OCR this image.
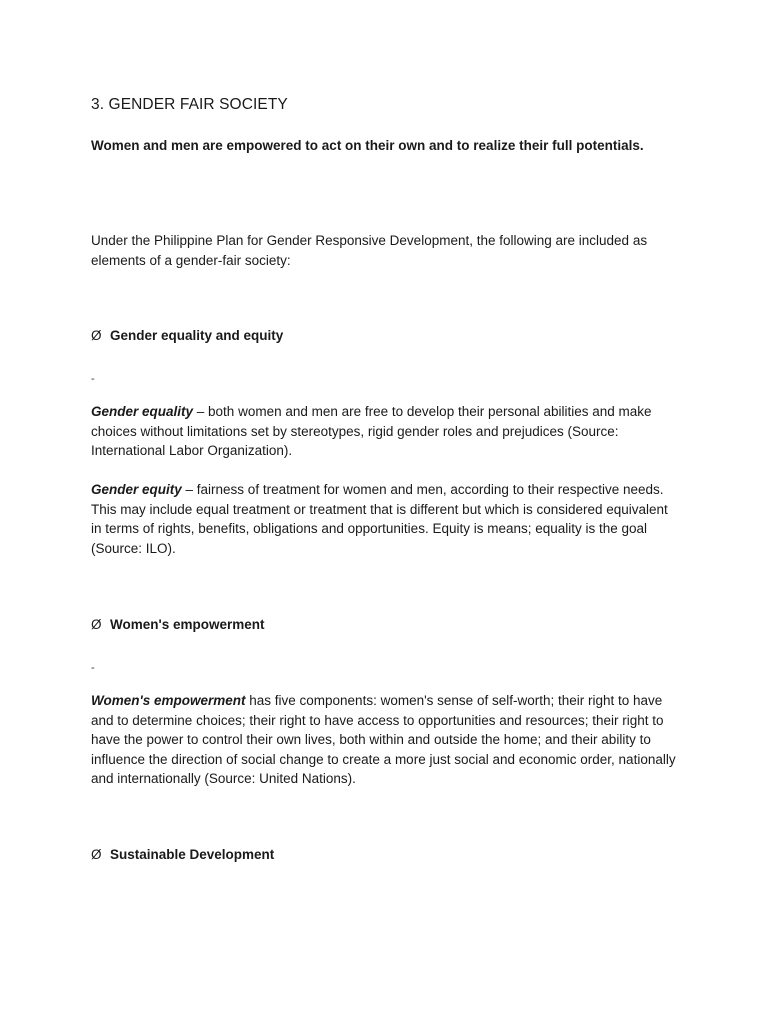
3. GENDER FAIR SOCIETY

Women and men are empowered to act on their own and to realize their full potentials.

Under the Philippine Plan for Gender Responsive Development, the following are included as elements of a gender-fair society:

Ø Gender equality and equity

-

Gender equality – both women and men are free to develop their personal abilities and make choices without limitations set by stereotypes, rigid gender roles and prejudices (Source: International Labor Organization).

Gender equity – fairness of treatment for women and men, according to their respective needs. This may include equal treatment or treatment that is different but which is considered equivalent in terms of rights, benefits, obligations and opportunities. Equity is means; equality is the goal (Source: ILO).

Ø Women's empowerment

-

Women's empowerment has five components: women's sense of self-worth; their right to have and to determine choices; their right to have access to opportunities and resources; their right to have the power to control their own lives, both within and outside the home; and their ability to influence the direction of social change to create a more just social and economic order, nationally and internationally (Source: United Nations).

Ø Sustainable Development
